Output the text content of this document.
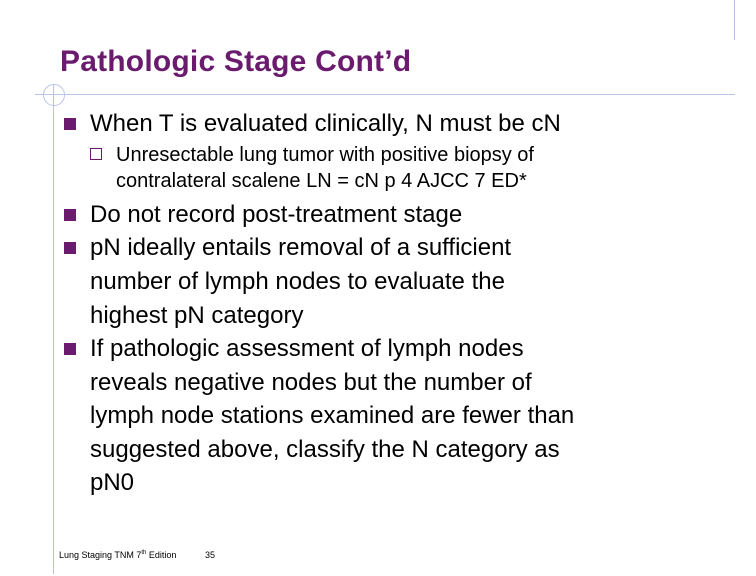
Pathologic Stage Cont’d
When T is evaluated clinically, N must be cN
Unresectable lung tumor with positive biopsy of
contralateral scalene LN = cN p 4 AJCC 7 ED*
Do not record post-treatment stage
pN ideally entails removal of a sufficient
number of lymph nodes to evaluate the
highest pN category
If pathologic assessment of lymph nodes
reveals negative nodes but the number of
lymph node stations examined are fewer than
suggested above, classify the N category as
pN0
Lung Staging TNM 7th Edition	35
